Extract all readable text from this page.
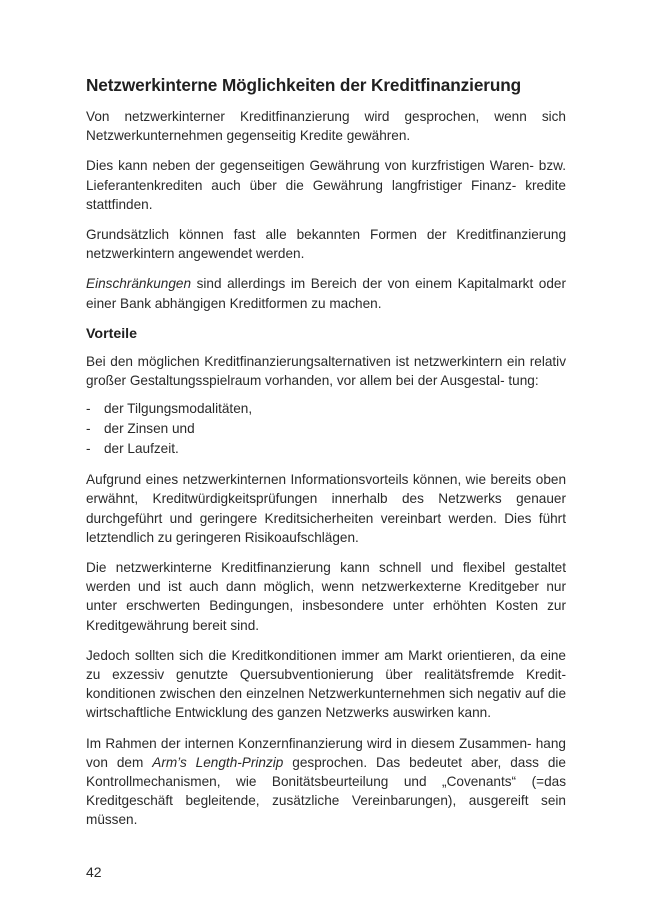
Netzwerkinterne Möglichkeiten der Kreditfinanzierung

Von netzwerkinterner Kreditfinanzierung wird gesprochen, wenn sich Netzwerkunternehmen gegenseitig Kredite gewähren.

Dies kann neben der gegenseitigen Gewährung von kurzfristigen Waren- bzw. Lieferantenkrediten auch über die Gewährung langfristiger Finanz- kredite stattfinden.

Grundsätzlich können fast alle bekannten Formen der Kreditfinanzierung netzwerkintern angewendet werden.

Einschränkungen sind allerdings im Bereich der von einem Kapitalmarkt oder einer Bank abhängigen Kreditformen zu machen.

Vorteile

Bei den möglichen Kreditfinanzierungsalternativen ist netzwerkintern ein relativ großer Gestaltungsspielraum vorhanden, vor allem bei der Ausgestal- tung:

- der Tilgungsmodalitäten,
- der Zinsen und
- der Laufzeit.

Aufgrund eines netzwerkinternen Informationsvorteils können, wie bereits oben erwähnt, Kreditwürdigkeitsprüfungen innerhalb des Netzwerks genauer durchgeführt und geringere Kreditsicherheiten vereinbart werden. Dies führt letztendlich zu geringeren Risikoaufschlägen.

Die netzwerkinterne Kreditfinanzierung kann schnell und flexibel gestaltet werden und ist auch dann möglich, wenn netzwerkexterne Kreditgeber nur unter erschwerten Bedingungen, insbesondere unter erhöhten Kosten zur Kreditgewährung bereit sind.

Jedoch sollten sich die Kreditkonditionen immer am Markt orientieren, da eine zu exzessiv genutzte Quersubventionierung über realitätsfremde Kredit- konditionen zwischen den einzelnen Netzwerkunternehmen sich negativ auf die wirtschaftliche Entwicklung des ganzen Netzwerks auswirken kann.

Im Rahmen der internen Konzernfinanzierung wird in diesem Zusammen- hang von dem Arm’s Length-Prinzip gesprochen. Das bedeutet aber, dass die Kontrollmechanismen, wie Bonitätsbeurteilung und „Covenants“ (=das Kreditgeschäft begleitende, zusätzliche Vereinbarungen), ausgereift sein müssen.

42
